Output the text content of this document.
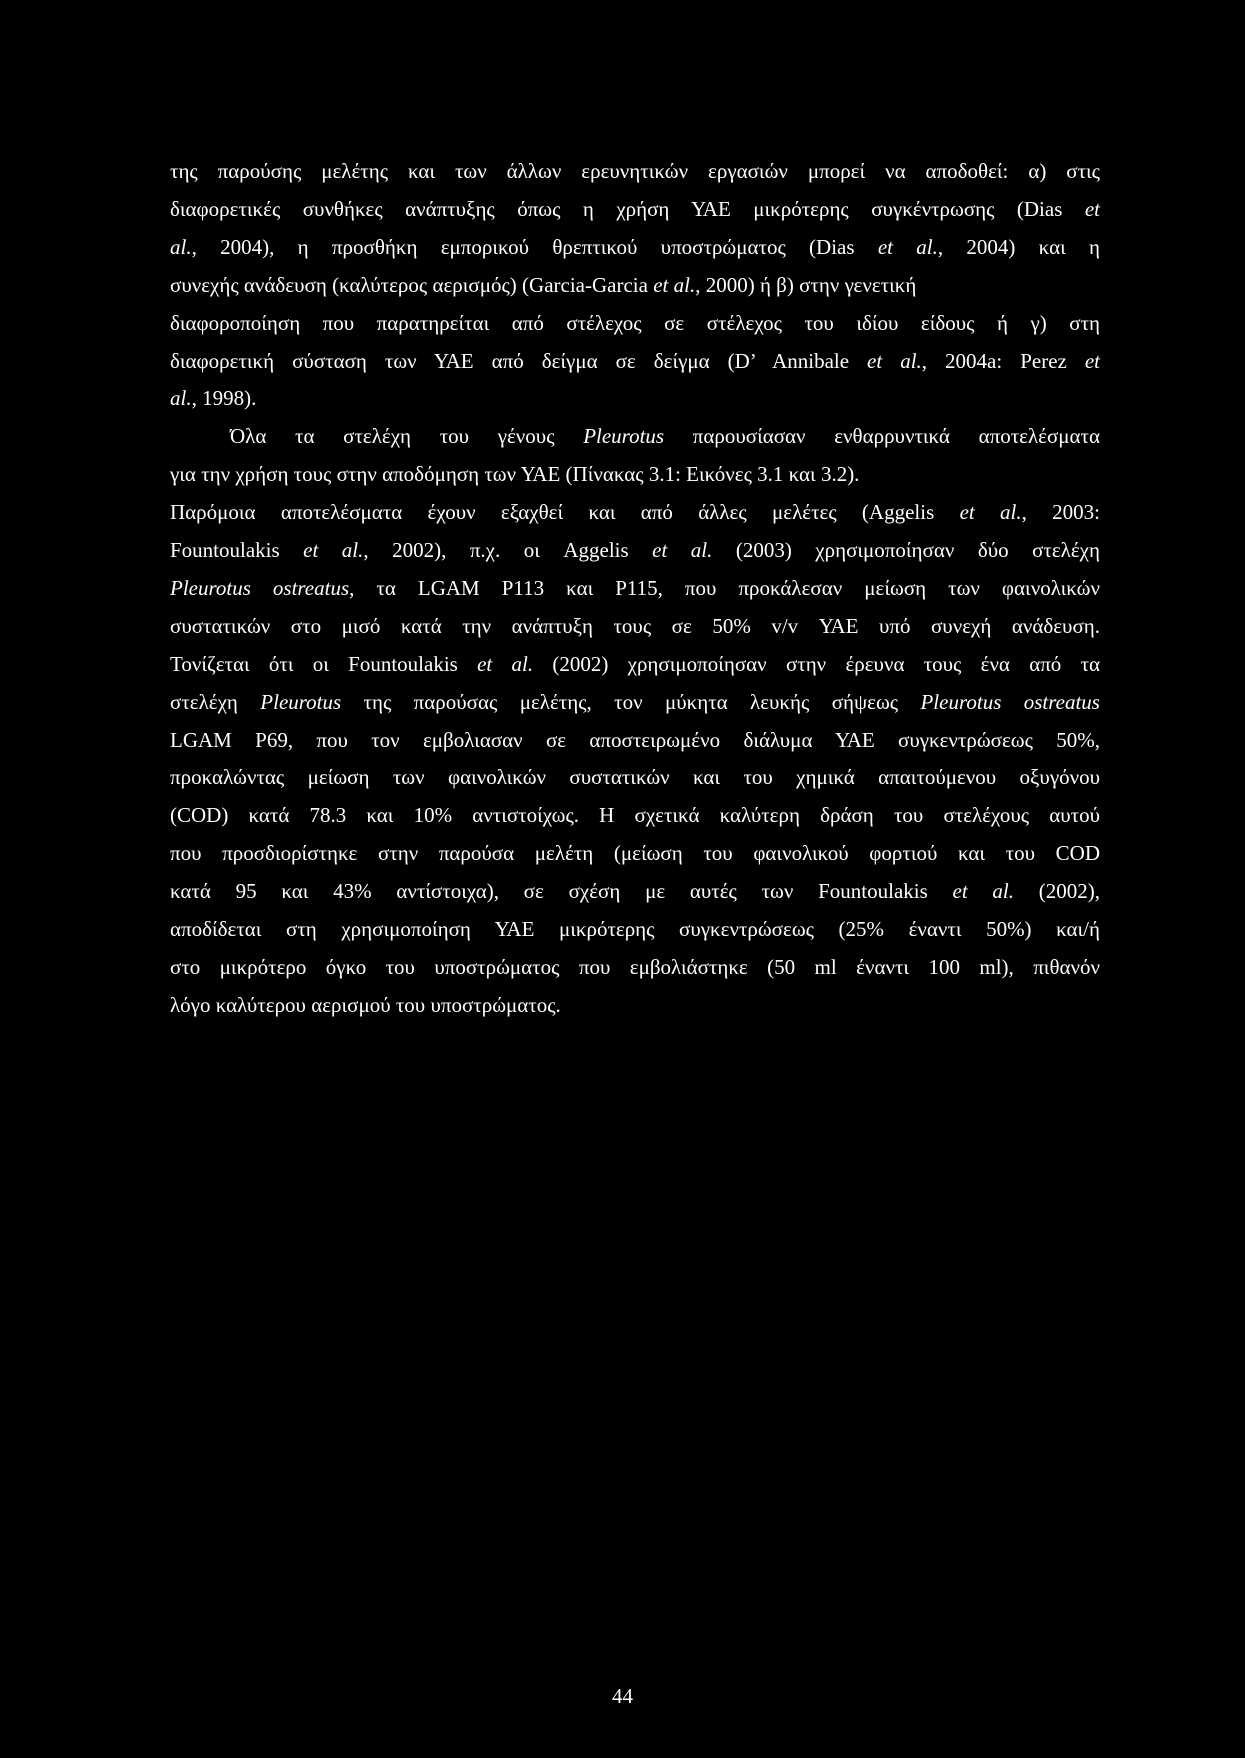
της παρούσης μελέτης και των άλλων ερευνητικών εργασιών μπορεί να αποδοθεί: α) στις
διαφορετικές συνθήκες ανάπτυξης όπως η χρήση ΥΑΕ μικρότερης συγκέντρωσης (Dias et
al., 2004), η προσθήκη εμπορικού θρεπτικού υποστρώματος (Dias et al., 2004) και η
συνεχής ανάδευση (καλύτερος αερισμός) (Garcia-Garcia et al., 2000) ή β) στην γενετική
διαφοροποίηση που παρατηρείται από στέλεχος σε στέλεχος του ιδίου είδους ή γ) στη
διαφορετική σύσταση των ΥΑΕ από δείγμα σε δείγμα (D’ Annibale et al., 2004a: Perez et
al., 1998).
Όλα τα στελέχη του γένους Pleurotus παρουσίασαν ενθαρρυντικά αποτελέσματα
για την χρήση τους στην αποδόμηση των ΥΑΕ (Πίνακας 3.1: Εικόνες 3.1 και 3.2).
Παρόμοια αποτελέσματα έχουν εξαχθεί και από άλλες μελέτες (Aggelis et al., 2003:
Fountoulakis et al., 2002), π.χ. οι Aggelis et al. (2003) χρησιμοποίησαν δύο στελέχη
Pleurotus ostreatus, τα LGAM P113 και P115, που προκάλεσαν μείωση των φαινολικών
συστατικών στο μισό κατά την ανάπτυξη τους σε 50% v/v ΥΑΕ υπό συνεχή ανάδευση.
Τονίζεται ότι οι Fountoulakis et al. (2002) χρησιμοποίησαν στην έρευνα τους ένα από τα
στελέχη Pleurotus της παρούσας μελέτης, τον μύκητα λευκής σήψεως Pleurotus ostreatus
LGAM P69, που τον εμβολιασαν σε αποστειρωμένο διάλυμα ΥΑΕ συγκεντρώσεως 50%,
προκαλώντας μείωση των φαινολικών συστατικών και του χημικά απαιτούμενου οξυγόνου
(COD) κατά 78.3 και 10% αντιστοίχως. Η σχετικά καλύτερη δράση του στελέχους αυτού
που προσδιορίστηκε στην παρούσα μελέτη (μείωση του φαινολικού φορτιού και του COD
κατά 95 και 43% αντίστοιχα), σε σχέση με αυτές των Fountoulakis et al. (2002),
αποδίδεται στη χρησιμοποίηση ΥΑΕ μικρότερης συγκεντρώσεως (25% έναντι 50%) και/ή
στο μικρότερο όγκο του υποστρώματος που εμβολιάστηκε (50 ml έναντι 100 ml), πιθανόν
λόγο καλύτερου αερισμού του υποστρώματος.
44
